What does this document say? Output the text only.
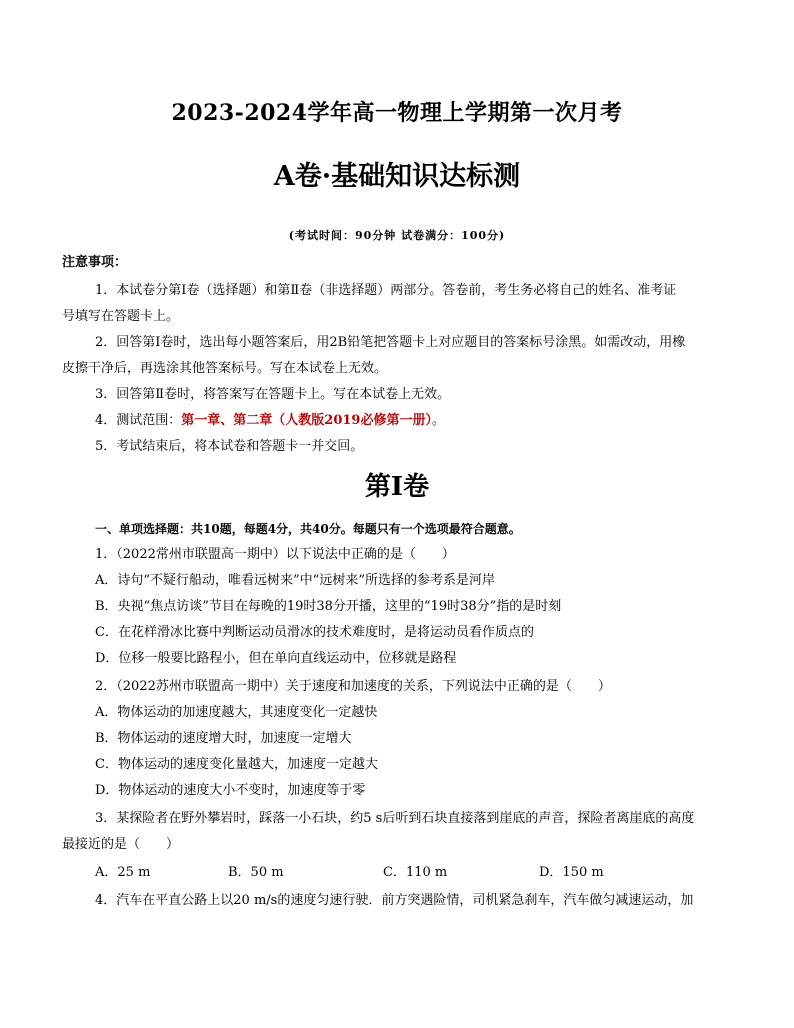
2023-2024学年高一物理上学期第一次月考
A卷·基础知识达标测
(考试时间：90分钟 试卷满分：100分)
注意事项：
1．本试卷分第Ⅰ卷（选择题）和第Ⅱ卷（非选择题）两部分。答卷前，考生务必将自己的姓名、准考证
号填写在答题卡上。
2．回答第Ⅰ卷时，选出每小题答案后，用2B铅笔把答题卡上对应题目的答案标号涂黑。如需改动，用橡
皮擦干净后，再选涂其他答案标号。写在本试卷上无效。
3．回答第Ⅱ卷时，将答案写在答题卡上。写在本试卷上无效。
4．测试范围：第一章、第二章（人教版2019必修第一册）。
5．考试结束后，将本试卷和答题卡一并交回。
第Ⅰ卷
一、单项选择题：共10题，每题4分，共40分。每题只有一个选项最符合题意。
1．（2022常州市联盟高一期中）以下说法中正确的是（　　）
A．诗句“不疑行船动，唯看远树来”中“远树来”所选择的参考系是河岸
B．央视“焦点访谈”节目在每晚的19时38分开播，这里的“19时38分”指的是时刻
C．在花样滑冰比赛中判断运动员滑冰的技术难度时，是将运动员看作质点的
D．位移一般要比路程小，但在单向直线运动中，位移就是路程
2．（2022苏州市联盟高一期中）关于速度和加速度的关系，下列说法中正确的是（　　）
A．物体运动的加速度越大，其速度变化一定越快
B．物体运动的速度增大时，加速度一定增大
C．物体运动的速度变化量越大，加速度一定越大
D．物体运动的速度大小不变时，加速度等于零
3．某探险者在野外攀岩时，踩落一小石块，约5 s后听到石块直接落到崖底的声音，探险者离崖底的高度
最接近的是（　　）
A．25 m	B．50 m	C．110 m	D．150 m
4．汽车在平直公路上以20 m/s的速度匀速行驶．前方突遇险情，司机紧急刹车，汽车做匀减速运动，加
